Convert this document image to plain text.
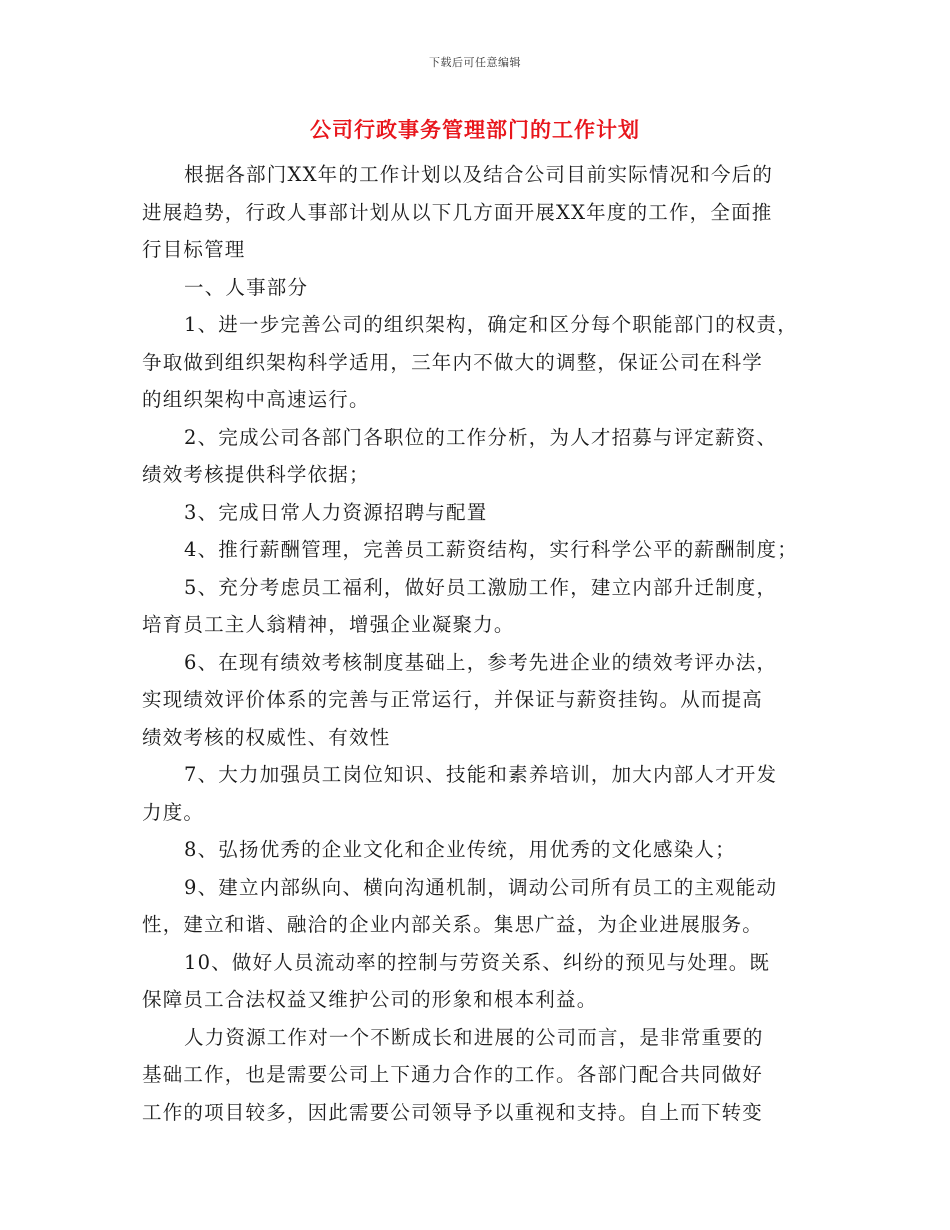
下载后可任意编辑
公司行政事务管理部门的工作计划

根据各部门XX年的工作计划以及结合公司目前实际情况和今后的
进展趋势，行政人事部计划从以下几方面开展XX年度的工作，全面推
行目标管理

一、人事部分

1、进一步完善公司的组织架构，确定和区分每个职能部门的权责，
争取做到组织架构科学适用，三年内不做大的调整，保证公司在科学
的组织架构中高速运行。

2、完成公司各部门各职位的工作分析，为人才招募与评定薪资、
绩效考核提供科学依据；

3、完成日常人力资源招聘与配置

4、推行薪酬管理，完善员工薪资结构，实行科学公平的薪酬制度；

5、充分考虑员工福利，做好员工激励工作，建立内部升迁制度，
培育员工主人翁精神，增强企业凝聚力。

6、在现有绩效考核制度基础上，参考先进企业的绩效考评办法，
实现绩效评价体系的完善与正常运行，并保证与薪资挂钩。从而提高
绩效考核的权威性、有效性

7、大力加强员工岗位知识、技能和素养培训，加大内部人才开发
力度。

8、弘扬优秀的企业文化和企业传统，用优秀的文化感染人；

9、建立内部纵向、横向沟通机制，调动公司所有员工的主观能动
性，建立和谐、融洽的企业内部关系。集思广益，为企业进展服务。

10、做好人员流动率的控制与劳资关系、纠纷的预见与处理。既
保障员工合法权益又维护公司的形象和根本利益。

人力资源工作对一个不断成长和进展的公司而言，是非常重要的
基础工作，也是需要公司上下通力合作的工作。各部门配合共同做好
工作的项目较多，因此需要公司领导予以重视和支持。自上而下转变
